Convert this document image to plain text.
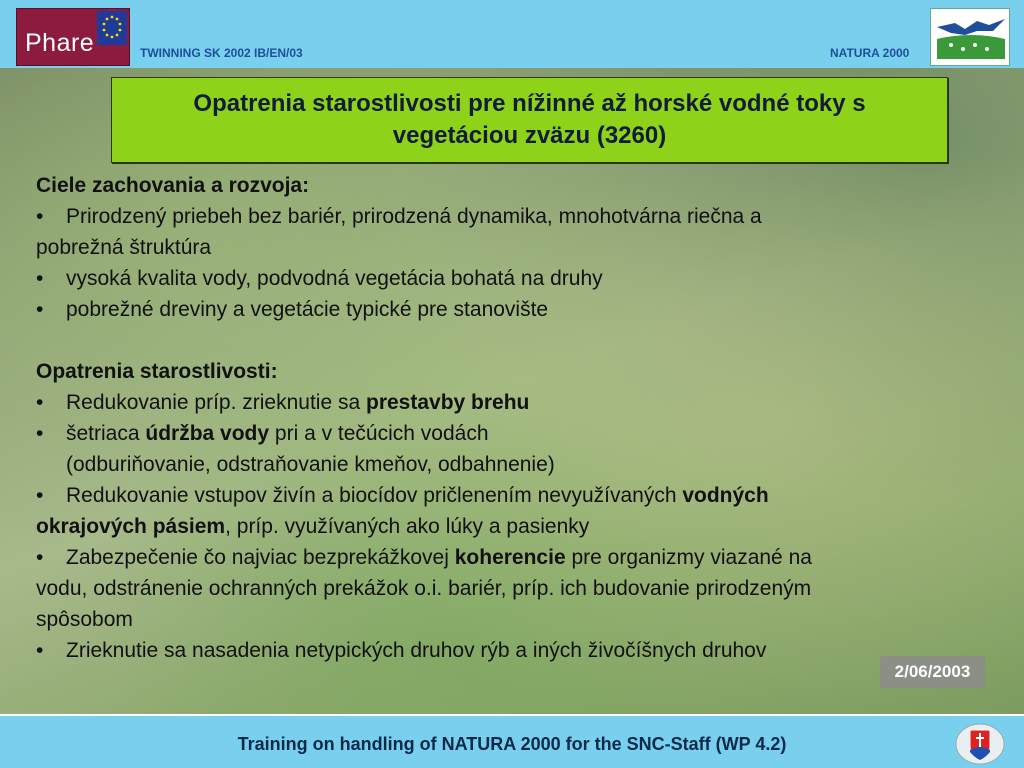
Phare	TWINNING SK 2002 IB/EN/03	NATURA 2000
Opatrenia starostlivosti pre nížinné až horské vodné toky s vegetáciou zväzu (3260)
Ciele zachovania a rozvoja:
• Prirodzený priebeh bez bariér, prirodzená dynamika, mnohotvárna riečna a
pobrežná štruktúra
• vysoká kvalita vody, podvodná vegetácia bohatá na druhy
• pobrežné dreviny a vegetácie typické pre stanovište
Opatrenia starostlivosti:
• Redukovanie príp. zrieknutie sa prestavby brehu
• šetriaca údržba vody pri a v tečúcich vodách
(odburiňovanie, odstraňovanie kmeňov, odbahnenie)
• Redukovanie vstupov živín a biocídov pričlenením nevyužívaných vodných
okrajových pásiem, príp. využívaných ako lúky a pasienky
• Zabezpečenie čo najviac bezprekážkovej koherencie pre organizmy viazané na
vodu, odstránenie ochranných prekážok o.i. bariér, príp. ich budovanie prirodzeným
spôsobom
• Zrieknutie sa nasadenia netypických druhov rýb a iných živočíšnych druhov
2/06/2003
Training on handling of NATURA 2000 for the SNC-Staff (WP 4.2)
